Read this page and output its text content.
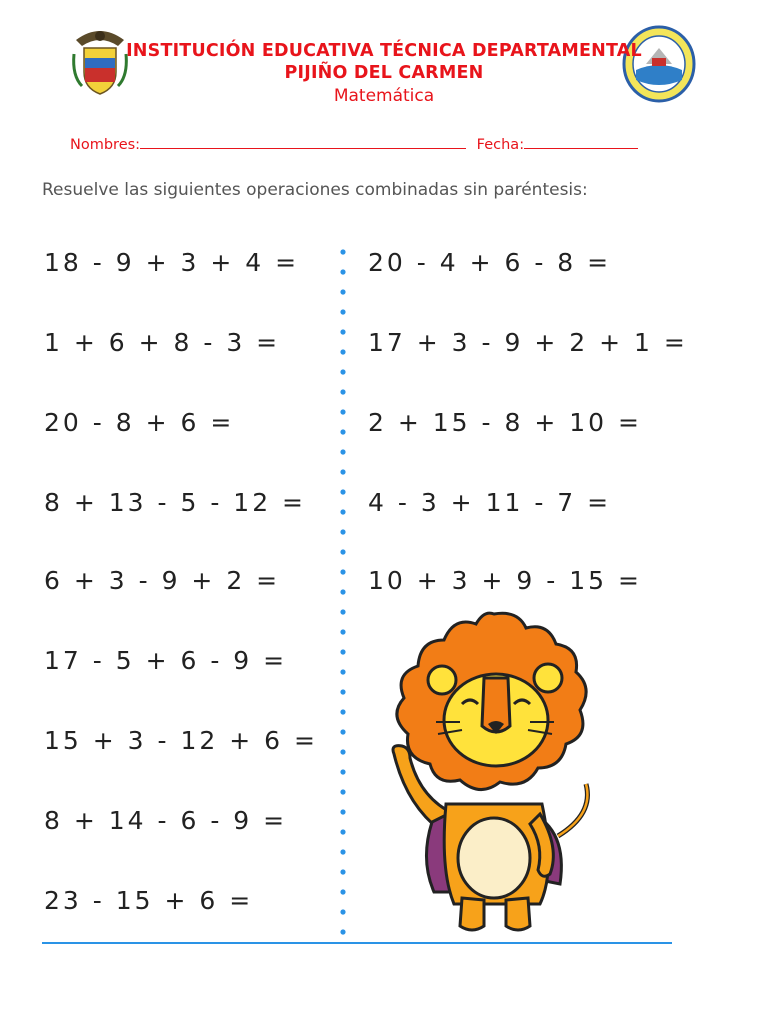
INSTITUCIÓN EDUCATIVA TÉCNICA DEPARTAMENTAL
PIJIÑO DEL CARMEN
Matemática
Nombres:	Fecha:
Resuelve las siguientes operaciones combinadas sin paréntesis:
18 - 9 + 3 + 4 =
1 + 6 + 8 - 3 =
20 - 8 + 6 =
8 + 13 - 5 - 12 =
6 + 3 - 9 + 2 =
17 - 5 + 6 - 9 =
15 + 3 - 12 + 6 =
8 + 14 - 6 - 9 =
23 - 15 + 6 =
20 - 4 + 6 - 8 =
17 + 3 - 9 + 2 + 1 =
2 + 15 - 8 + 10 =
4 - 3 + 11 - 7 =
10 + 3 + 9 - 15 =
